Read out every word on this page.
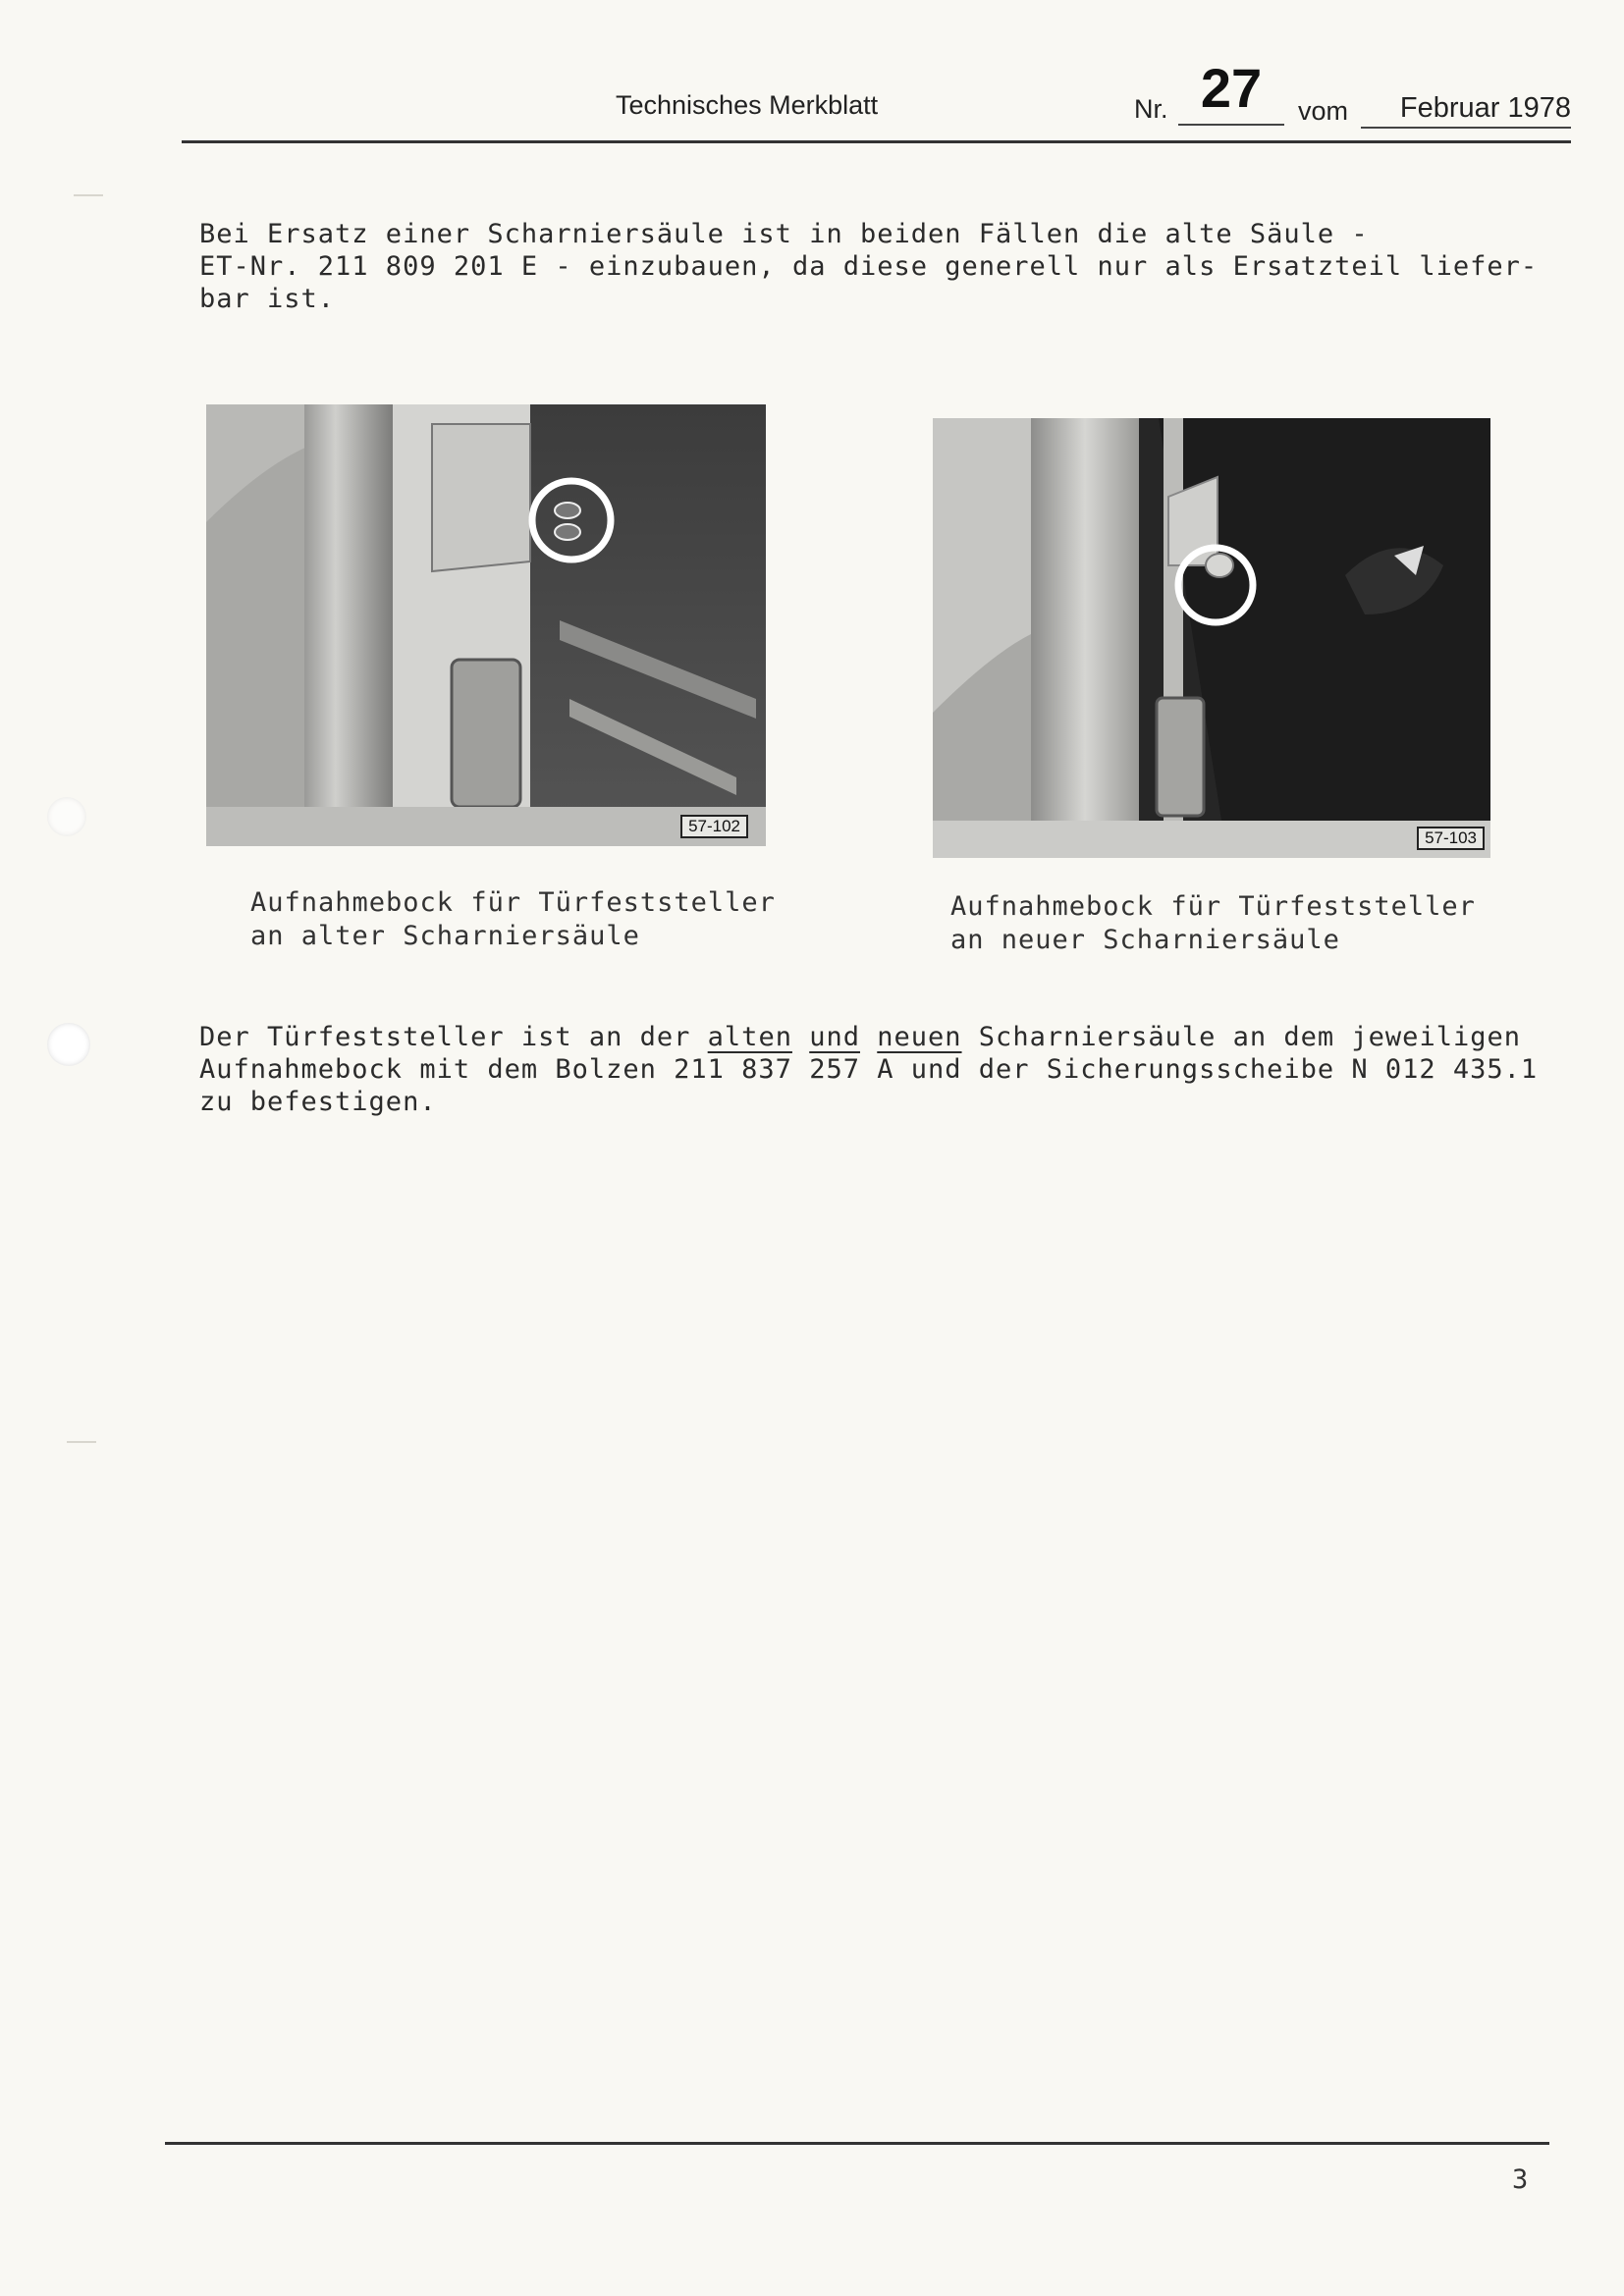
Technisches Merkblatt	Nr. 27	vom	Februar 1978
Bei Ersatz einer Scharniersäule ist in beiden Fällen die alte Säule -
ET-Nr. 211 809 201 E - einzubauen, da diese generell nur als Ersatzteil liefer-
bar ist.
57-102
57-103
Aufnahmebock für Türfeststeller
an alter Scharniersäule
Aufnahmebock für Türfeststeller
an neuer Scharniersäule
Der Türfeststeller ist an der alten und neuen Scharniersäule an dem jeweiligen
Aufnahmebock mit dem Bolzen 211 837 257 A und der Sicherungsscheibe N 012 435.1
zu befestigen.
3
